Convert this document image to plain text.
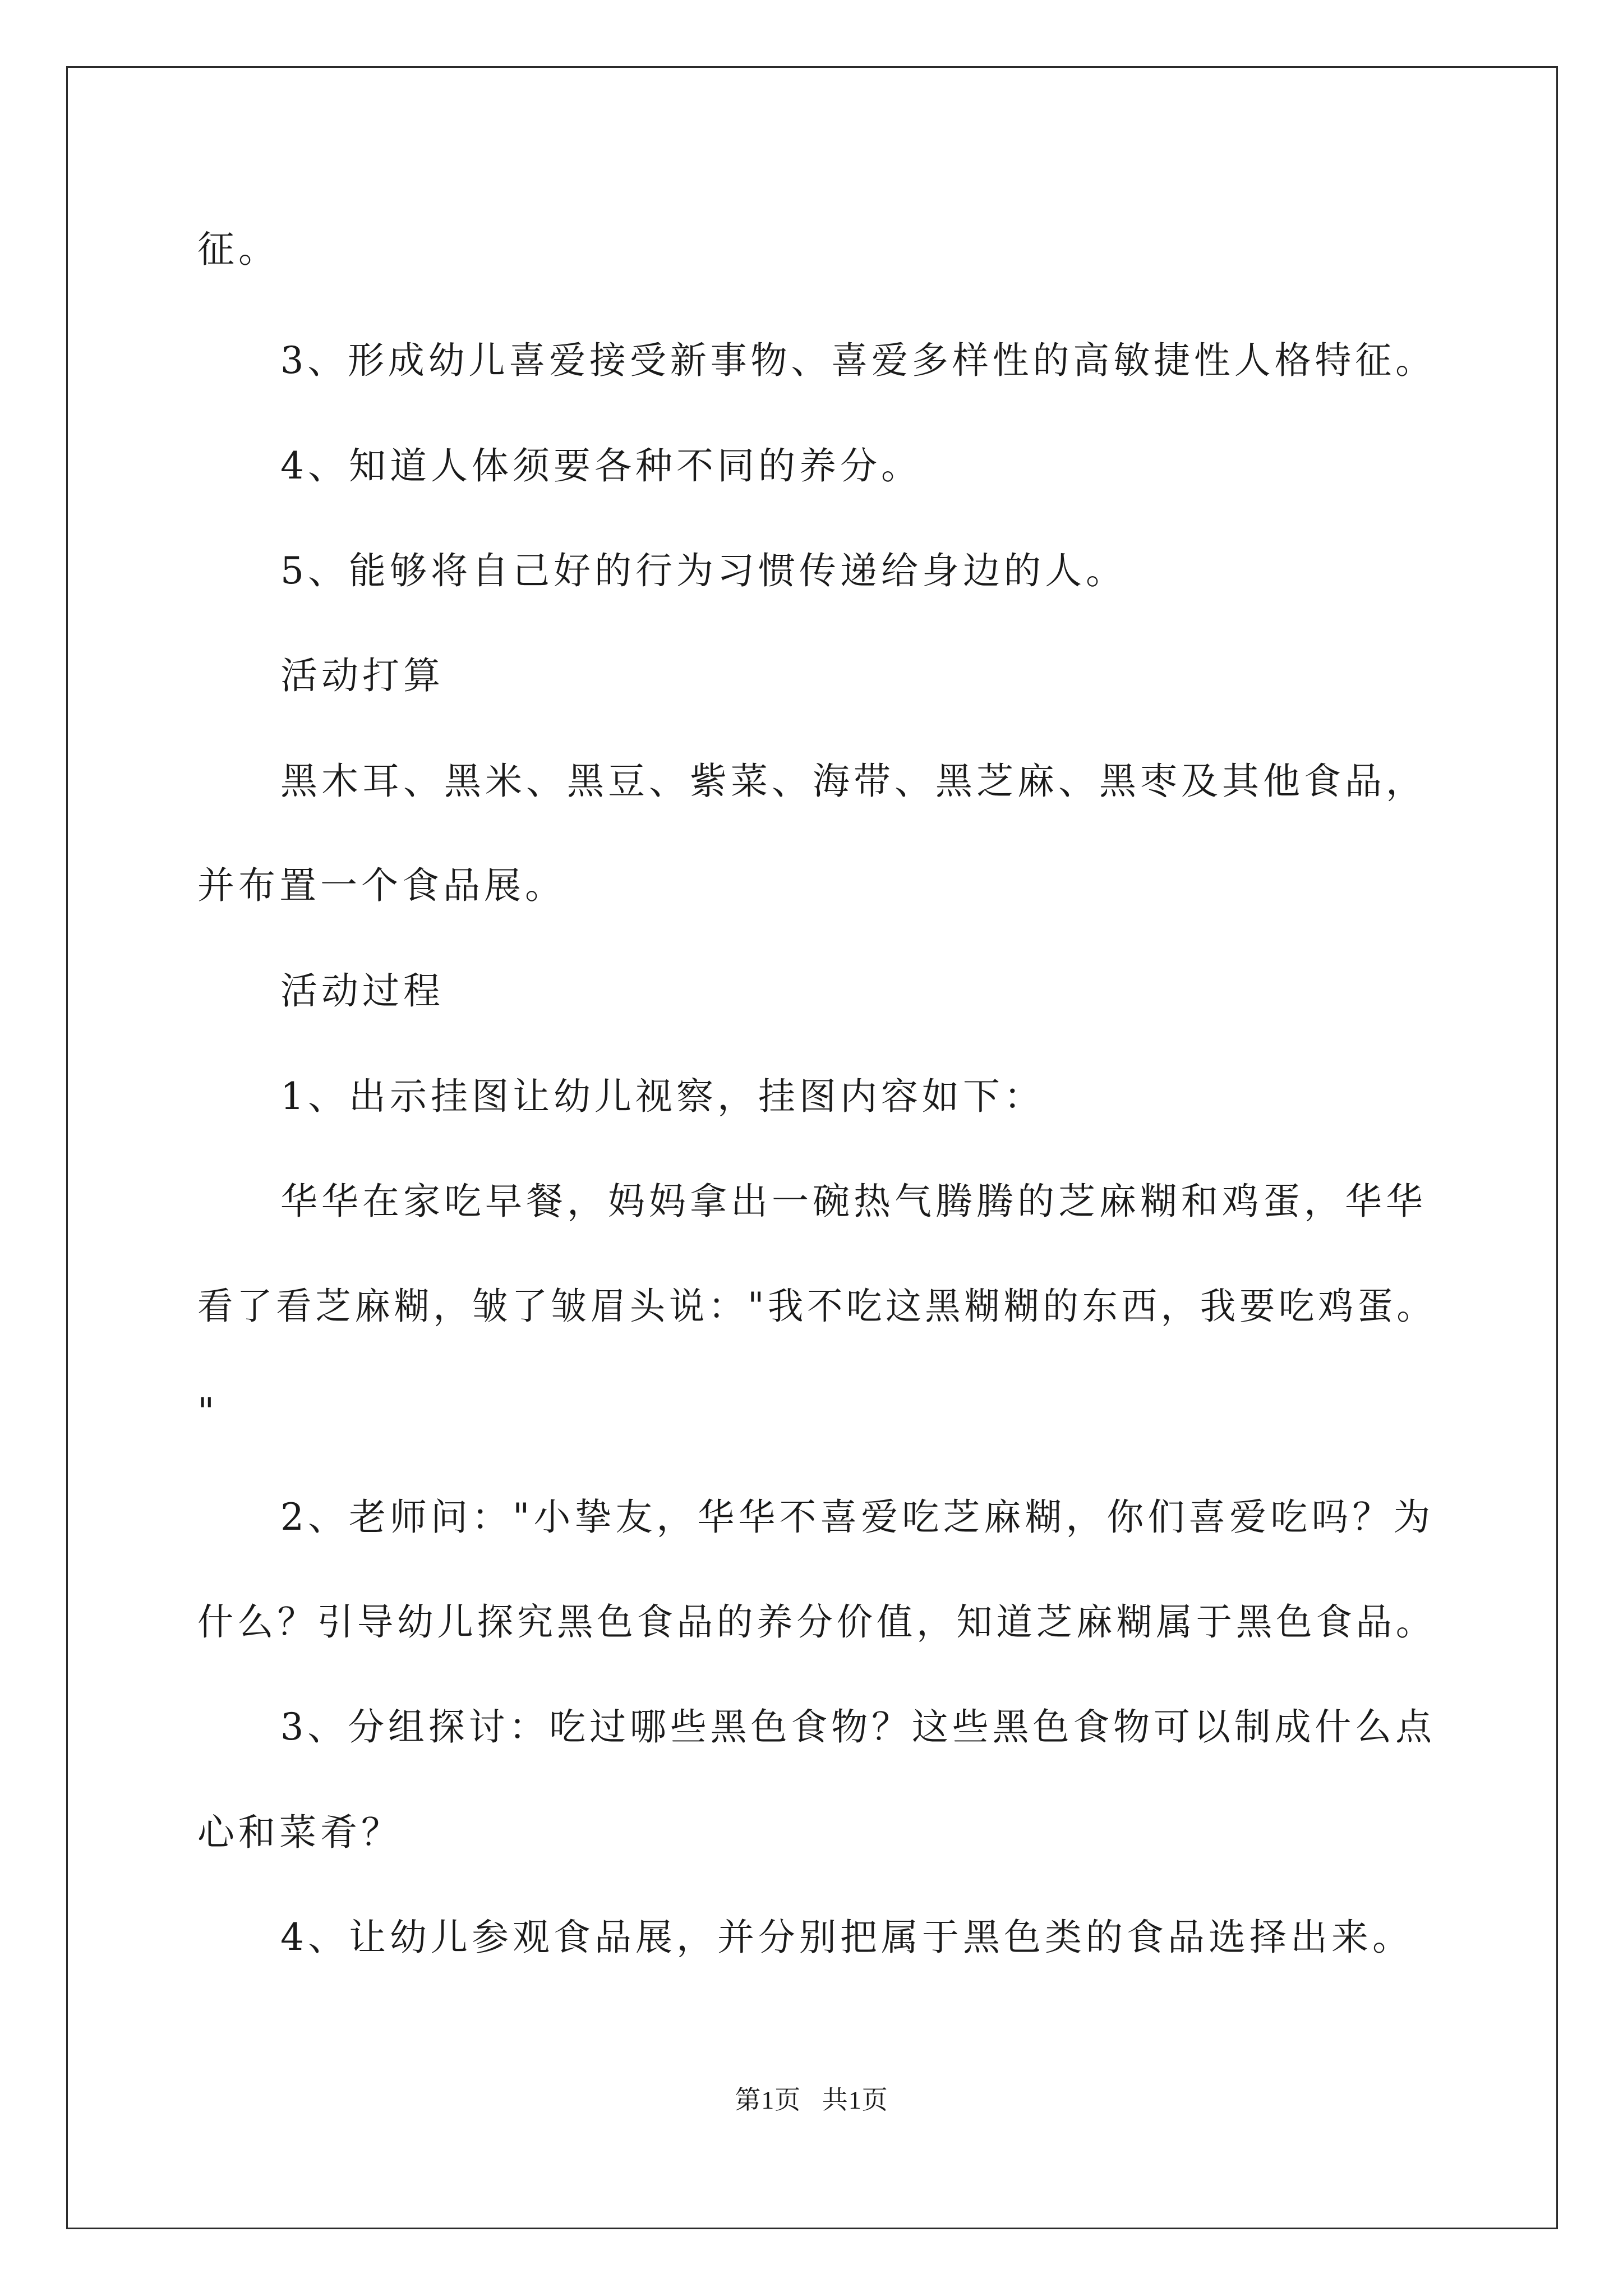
征。
3、形成幼儿喜爱接受新事物、喜爱多样性的高敏捷性人格特征。
4、知道人体须要各种不同的养分。
5、能够将自己好的行为习惯传递给身边的人。
活动打算
黑木耳、黑米、黑豆、紫菜、海带、黑芝麻、黑枣及其他食品，
并布置一个食品展。
活动过程
1、出示挂图让幼儿视察，挂图内容如下：
华华在家吃早餐，妈妈拿出一碗热气腾腾的芝麻糊和鸡蛋，华华
看了看芝麻糊，皱了皱眉头说："我不吃这黑糊糊的东西，我要吃鸡蛋。
"
2、老师问："小挚友，华华不喜爱吃芝麻糊，你们喜爱吃吗？为
什么？引导幼儿探究黑色食品的养分价值，知道芝麻糊属于黑色食品。
3、分组探讨：吃过哪些黑色食物？这些黑色食物可以制成什么点
心和菜肴？
4、让幼儿参观食品展，并分别把属于黑色类的食品选择出来。
第1页   共1页
